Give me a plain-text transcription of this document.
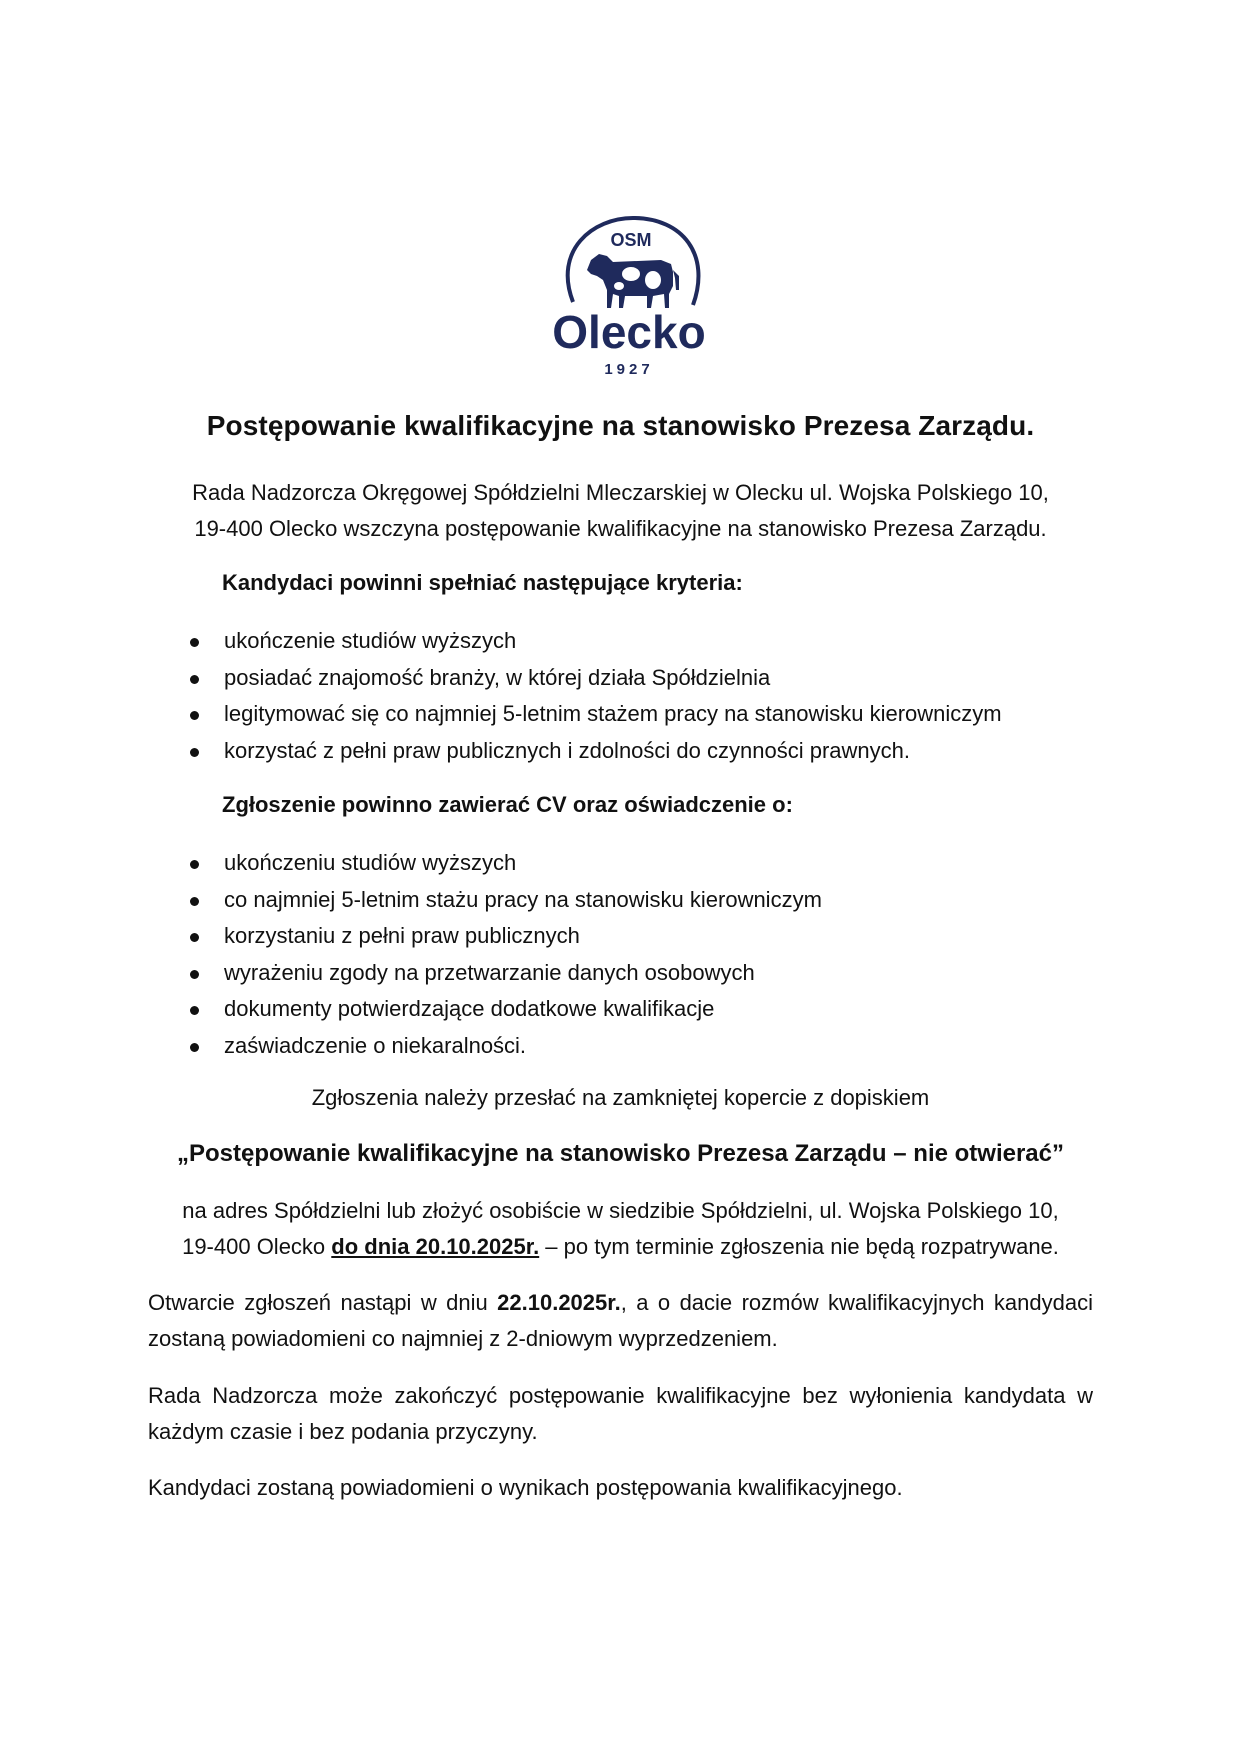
OSM
Olecko
1927
Postępowanie kwalifikacyjne na stanowisko Prezesa Zarządu.
Rada Nadzorcza Okręgowej Spółdzielni Mleczarskiej w Olecku ul. Wojska Polskiego 10,
19-400 Olecko wszczyna postępowanie kwalifikacyjne na stanowisko Prezesa Zarządu.
Kandydaci powinni spełniać następujące kryteria:
ukończenie studiów wyższych
posiadać znajomość branży, w której działa Spółdzielnia
legitymować się co najmniej 5-letnim stażem pracy na stanowisku kierowniczym
korzystać z pełni praw publicznych i zdolności do czynności prawnych.
Zgłoszenie powinno zawierać CV oraz oświadczenie o:
ukończeniu studiów wyższych
co najmniej 5-letnim stażu pracy na stanowisku kierowniczym
korzystaniu z pełni praw publicznych
wyrażeniu zgody na przetwarzanie danych osobowych
dokumenty potwierdzające dodatkowe kwalifikacje
zaświadczenie o niekaralności.
Zgłoszenia należy przesłać na zamkniętej kopercie z dopiskiem
„Postępowanie kwalifikacyjne na stanowisko Prezesa Zarządu – nie otwierać”
na adres Spółdzielni lub złożyć osobiście w siedzibie Spółdzielni, ul. Wojska Polskiego 10,
19-400 Olecko do dnia 20.10.2025r. – po tym terminie zgłoszenia nie będą rozpatrywane.
Otwarcie zgłoszeń nastąpi w dniu 22.10.2025r., a o dacie rozmów kwalifikacyjnych kandydaci zostaną powiadomieni co najmniej z 2-dniowym wyprzedzeniem.
Rada Nadzorcza może zakończyć postępowanie kwalifikacyjne bez wyłonienia kandydata w każdym czasie i bez podania przyczyny.
Kandydaci zostaną powiadomieni o wynikach postępowania kwalifikacyjnego.
